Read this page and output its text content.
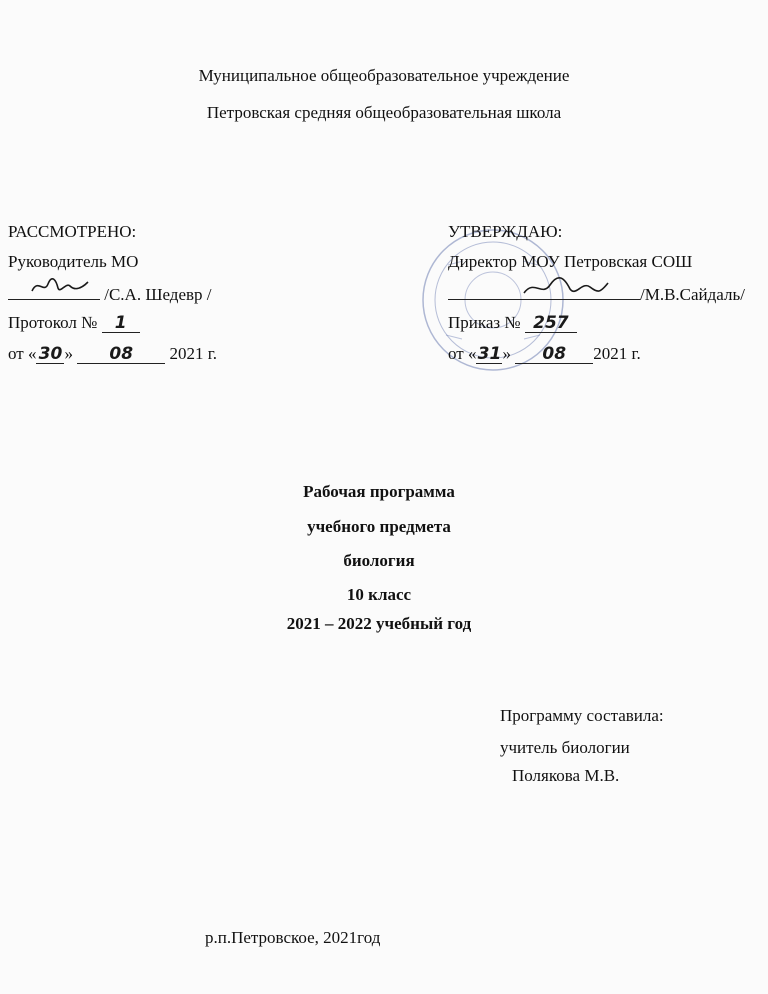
Муниципальное общеобразовательное учреждение
Петровская средняя общеобразовательная школа
РАССМОТРЕНО:
Руководитель МО
/С.А. Шедевр /
Протокол № 1
от « 30 » 08 2021 г.
УТВЕРЖДАЮ:
Директор МОУ Петровская СОШ
/М.В.Сайдаль/
Приказ № 257
от «31» 08 2021 г.
Рабочая программа
учебного предмета
биология
10 класс
2021 – 2022 учебный год
Программу составила:
учитель биологии
Полякова М.В.
р.п.Петровское, 2021год
